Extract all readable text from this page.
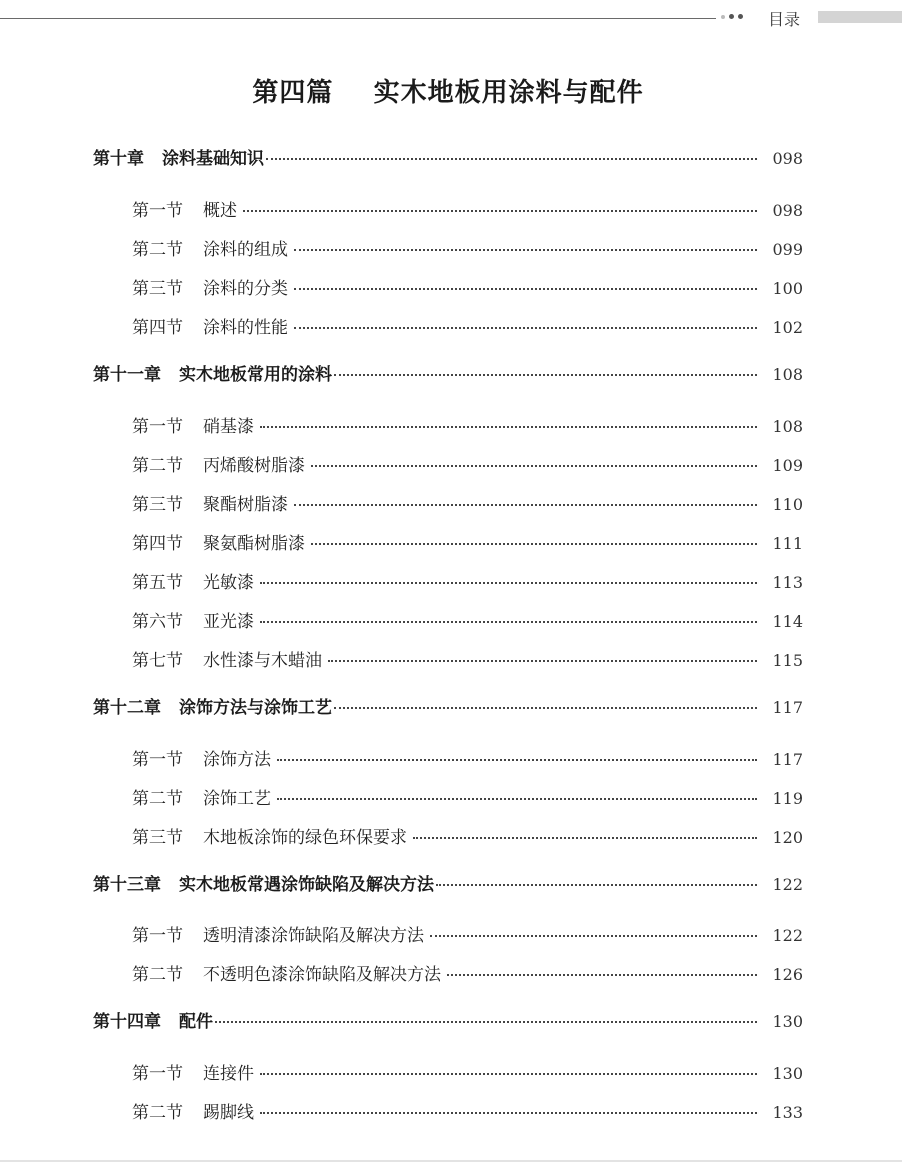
目录
第四篇    实木地板用涂料与配件
第十章 涂料基础知识	098
第一节 概述	098
第二节 涂料的组成	099
第三节 涂料的分类	100
第四节 涂料的性能	102
第十一章 实木地板常用的涂料	108
第一节 硝基漆	108
第二节 丙烯酸树脂漆	109
第三节 聚酯树脂漆	110
第四节 聚氨酯树脂漆	111
第五节 光敏漆	113
第六节 亚光漆	114
第七节 水性漆与木蜡油	115
第十二章 涂饰方法与涂饰工艺	117
第一节 涂饰方法	117
第二节 涂饰工艺	119
第三节 木地板涂饰的绿色环保要求	120
第十三章 实木地板常遇涂饰缺陷及解决方法	122
第一节 透明清漆涂饰缺陷及解决方法	122
第二节 不透明色漆涂饰缺陷及解决方法	126
第十四章 配件	130
第一节 连接件	130
第二节 踢脚线	133
